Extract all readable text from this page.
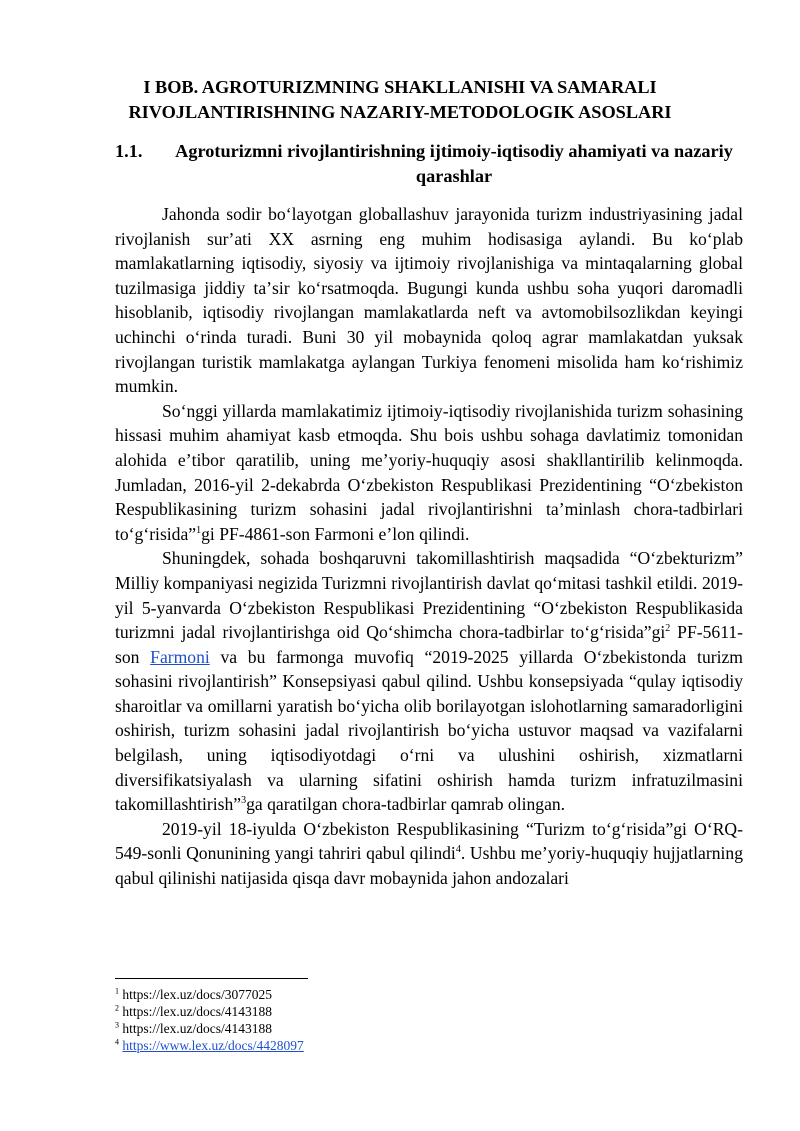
I BOB. AGROTURIZMNING SHAKLLANISHI VA SAMARALI RIVOJLANTIRISHNING NAZARIY-METODOLOGIK ASOSLARI
1.1.	Agroturizmni rivojlantirishning ijtimoiy-iqtisodiy ahamiyati va nazariy qarashlar

Jahonda sodir boʻlayotgan globallashuv jarayonida turizm industriyasining jadal rivojlanish surʼati XX asrning eng muhim hodisasiga aylandi. Bu koʻplab mamlakatlarning iqtisodiy, siyosiy va ijtimoiy rivojlanishiga va mintaqalarning global tuzilmasiga jiddiy taʼsir koʻrsatmoqda. Bugungi kunda ushbu soha yuqori daromadli hisoblanib, iqtisodiy rivojlangan mamlakatlarda neft va avtomobilsozlikdan keyingi uchinchi oʻrinda turadi. Buni 30 yil mobaynida qoloq agrar mamlakatdan yuksak rivojlangan turistik mamlakatga aylangan Turkiya fenomeni misolida ham koʻrishimiz mumkin.

Soʻnggi yillarda mamlakatimiz ijtimoiy-iqtisodiy rivojlanishida turizm sohasining hissasi muhim ahamiyat kasb etmoqda. Shu bois ushbu sohaga davlatimiz tomonidan alohida eʼtibor qaratilib, uning meʼyoriy-huquqiy asosi shakllantirilib kelinmoqda. Jumladan, 2016-yil 2-dekabrda Oʻzbekiston Respublikasi Prezidentining “Oʻzbekiston Respublikasining turizm sohasini jadal rivojlantirishni taʼminlash chora-tadbirlari toʻgʻrisida”$^1$gi PF-4861-son Farmoni eʼlon qilindi.

Shuningdek, sohada boshqaruvni takomillashtirish maqsadida “Oʻzbekturizm” Milliy kompaniyasi negizida Turizmni rivojlantirish davlat qoʻmitasi tashkil etildi. 2019-yil 5-yanvarda Oʻzbekiston Respublikasi Prezidentining “Oʻzbekiston Respublikasida turizmni jadal rivojlantirishga oid Qoʻshimcha chora-tadbirlar $toʻgʻrisida”gi^2$ PF-5611-son Farmoni va bu farmonga muvofiq “2019-2025 yillarda Oʻzbekistonda turizm sohasini rivojlantirish” Konsepsiyasi qabul qilind. Ushbu konsepsiyada “qulay iqtisodiy sharoitlar va omillarni yaratish boʻyicha olib borilayotgan islohotlarning samaradorligini oshirish, turizm sohasini jadal rivojlantirish boʻyicha ustuvor maqsad va vazifalarni belgilash, uning iqtisodiyotdagi oʻrni va ulushini oshirish, xizmatlarni diversifikatsiyalash va ularning sifatini oshirish hamda turizm infratuzilmasini takomillashtirish”$^3$ga qaratilgan chora-tadbirlar qamrab olingan.

2019-yil 18-iyulda Oʻzbekiston Respublikasining “Turizm toʻgʻrisida”gi OʻRQ-549-sonli Qonunining yangi tahriri qabul qilindi$^4$. Ushbu meʼyoriy-huquqiy hujjatlarning qabul qilinishi natijasida qisqa davr mobaynida jahon andozalari

$^1$ https://lex.uz/docs/3077025
$^2$ https://lex.uz/docs/4143188
$^3$ https://lex.uz/docs/4143188
$^4$ https://www.lex.uz/docs/4428097
